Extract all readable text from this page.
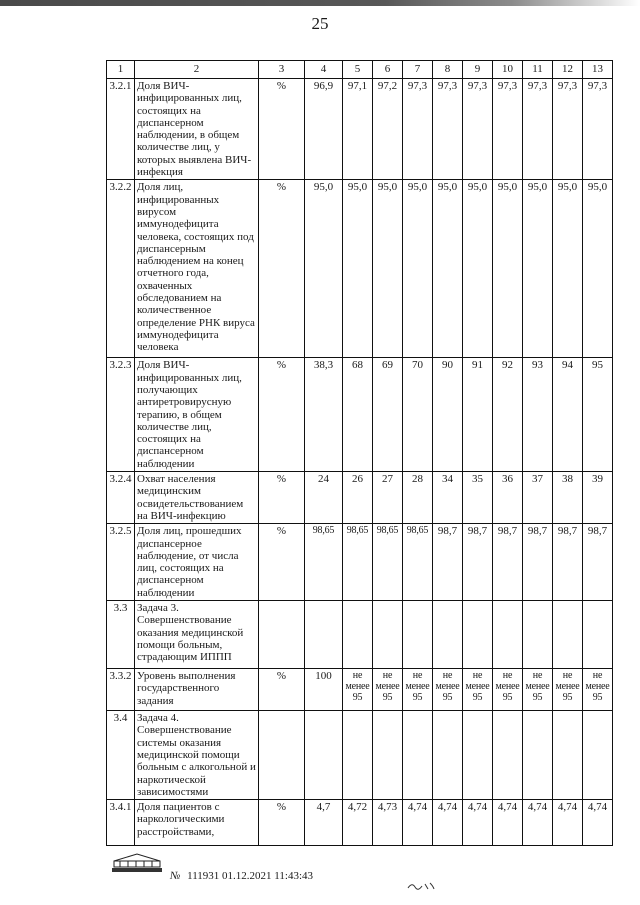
25
1	2	3	4	5	6	7	8	9	10	11	12	13
3.2.1	Доля ВИЧ-инфицированных лиц, состоящих на диспансерном наблюдении, в общем количестве лиц, у которых выявлена ВИЧ-инфекция	%	96,9	97,1	97,2	97,3	97,3	97,3	97,3	97,3	97,3	97,3
3.2.2	Доля лиц, инфицированных вирусом иммунодефицита человека, состоящих под диспансерным наблюдением на конец отчетного года, охваченных обследованием на количественное определение РНК вируса иммунодефицита человека	%	95,0	95,0	95,0	95,0	95,0	95,0	95,0	95,0	95,0	95,0
3.2.3	Доля ВИЧ-инфицированных лиц, получающих антиретровирусную терапию, в общем количестве лиц, состоящих на диспансерном наблюдении	%	38,3	68	69	70	90	91	92	93	94	95
3.2.4	Охват населения медицинским освидетельствованием на ВИЧ-инфекцию	%	24	26	27	28	34	35	36	37	38	39
3.2.5	Доля лиц, прошедших диспансерное наблюдение, от числа лиц, состоящих на диспансерном наблюдении	%	98,65	98,65	98,65	98,65	98,7	98,7	98,7	98,7	98,7	98,7
3.3	Задача 3. Совершенствование оказания медицинской помощи больным, страдающим ИППП											
3.3.2	Уровень выполнения государственного задания	%	100	не менее 95	не менее 95	не менее 95	не менее 95	не менее 95	не менее 95	не менее 95	не менее 95	не менее 95
3.4	Задача 4. Совершенствование системы оказания медицинской помощи больным с алкогольной и наркотической зависимостями											
3.4.1	Доля пациентов с наркологическими расстройствами,	%	4,7	4,72	4,73	4,74	4,74	4,74	4,74	4,74	4,74	4,74
№ 111931 01.12.2021 11:43:43
